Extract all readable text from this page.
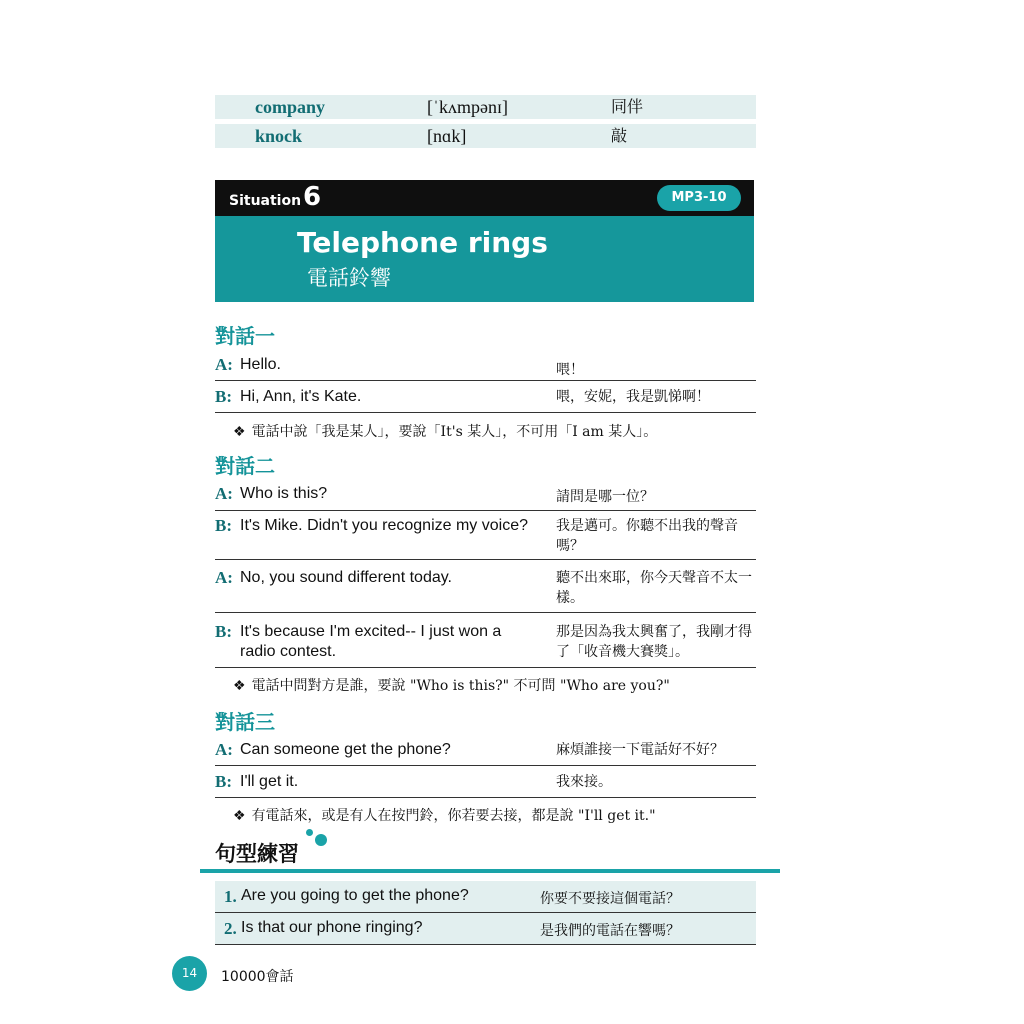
company	[ˈkʌmpənɪ]	同伴
knock	[nɑk]	敲
Situation 6	MP3-10
Telephone rings
電話鈴響
對話一
A: Hello.	喂！
B: Hi, Ann, it's Kate.	喂，安妮，我是凱悌啊！
❖ 電話中說「我是某人」，要說「It's 某人」，不可用「I am 某人」。
對話二
A: Who is this?	請問是哪一位？
B: It's Mike. Didn't you recognize my voice? 我是邁可。你聽不出我的聲音嗎？
A: No, you sound different today.	聽不出來耶，你今天聲音不太一樣。
B: It's because I'm excited-- I just won a radio contest.
那是因為我太興奮了，我剛才得了「收音機大賽獎」。
❖ 電話中問對方是誰，要說 "Who is this?" 不可問 "Who are you?"
對話三
A: Can someone get the phone?	麻煩誰接一下電話好不好？
B: I'll get it.	我來接。
❖ 有電話來，或是有人在按門鈴，你若要去接，都是說 "I'll get it."
句型練習
1. Are you going to get the phone?	你要不要接這個電話？
2. Is that our phone ringing?	是我們的電話在響嗎？
14	10000會話
